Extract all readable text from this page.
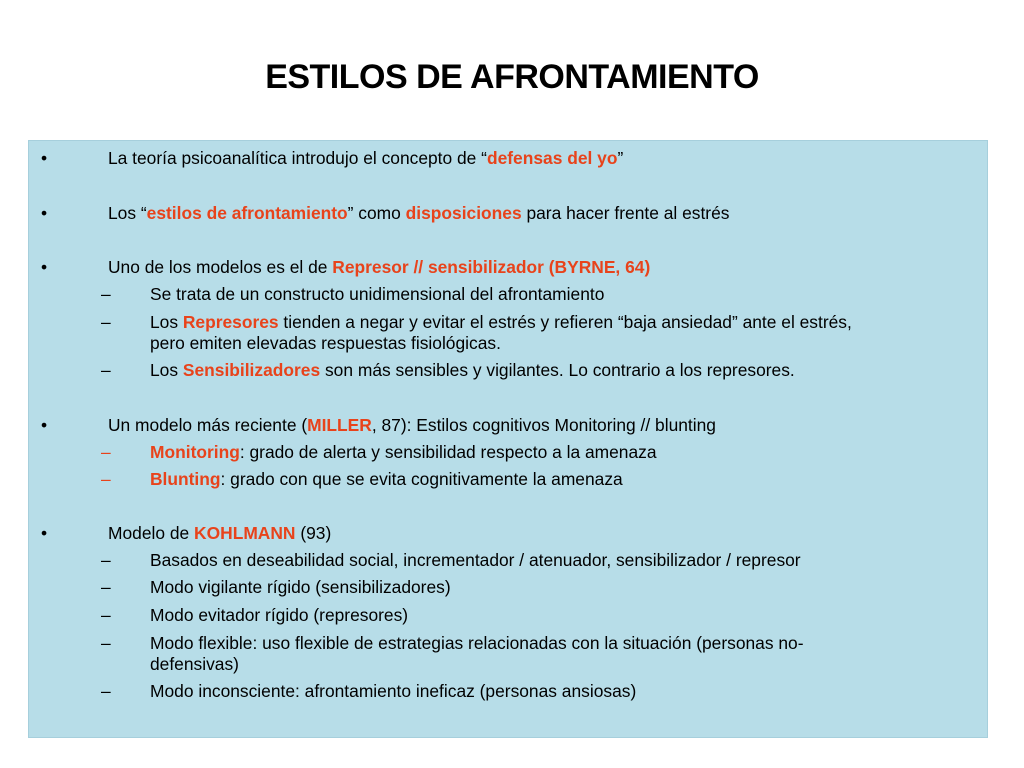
ESTILOS DE AFRONTAMIENTO
•	La teoría psicoanalítica introdujo el concepto de “defensas del yo”
•	Los “estilos de afrontamiento” como disposiciones para hacer frente al estrés
•	Uno de los modelos es el de Represor // sensibilizador (BYRNE, 64)
– Se trata de un constructo unidimensional del afrontamiento
– Los Represores tienden a negar y evitar el estrés y refieren “baja ansiedad” ante el estrés,
pero emiten elevadas respuestas fisiológicas.
– Los Sensibilizadores son más sensibles y vigilantes. Lo contrario a los represores.
•	Un modelo más reciente (MILLER, 87): Estilos cognitivos Monitoring // blunting
– Monitoring: grado de alerta y sensibilidad respecto a la amenaza
– Blunting: grado con que se evita cognitivamente la amenaza
•	Modelo de KOHLMANN (93)
– Basados en deseabilidad social, incrementador / atenuador, sensibilizador / represor
– Modo vigilante rígido (sensibilizadores)
– Modo evitador rígido (represores)
– Modo flexible: uso flexible de estrategias relacionadas con la situación (personas no-
defensivas)
– Modo inconsciente: afrontamiento ineficaz (personas ansiosas)
